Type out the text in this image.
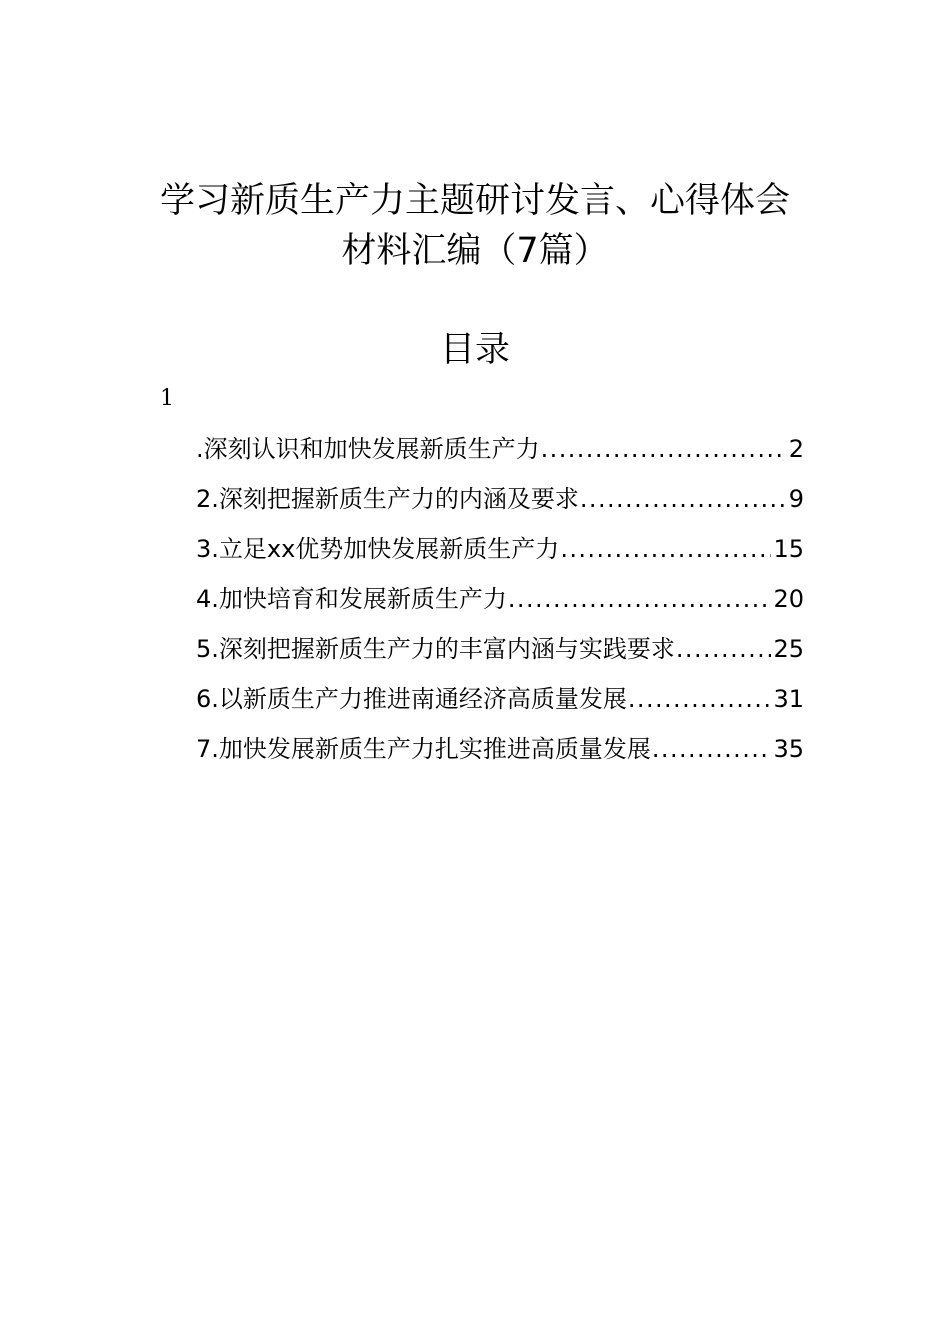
学习新质生产力主题研讨发言、心得体会
材料汇编（7篇）
目录
1
.深刻认识和加快发展新质生产力 .....	2
2.深刻把握新质生产力的内涵及要求 .....	9
3.立足xx优势加快发展新质生产力 .....	15
4.加快培育和发展新质生产力 .....	20
5.深刻把握新质生产力的丰富内涵与实践要求 .....	25
6.以新质生产力推进南通经济高质量发展 .....	31
7.加快发展新质生产力扎实推进高质量发展 .....	35
